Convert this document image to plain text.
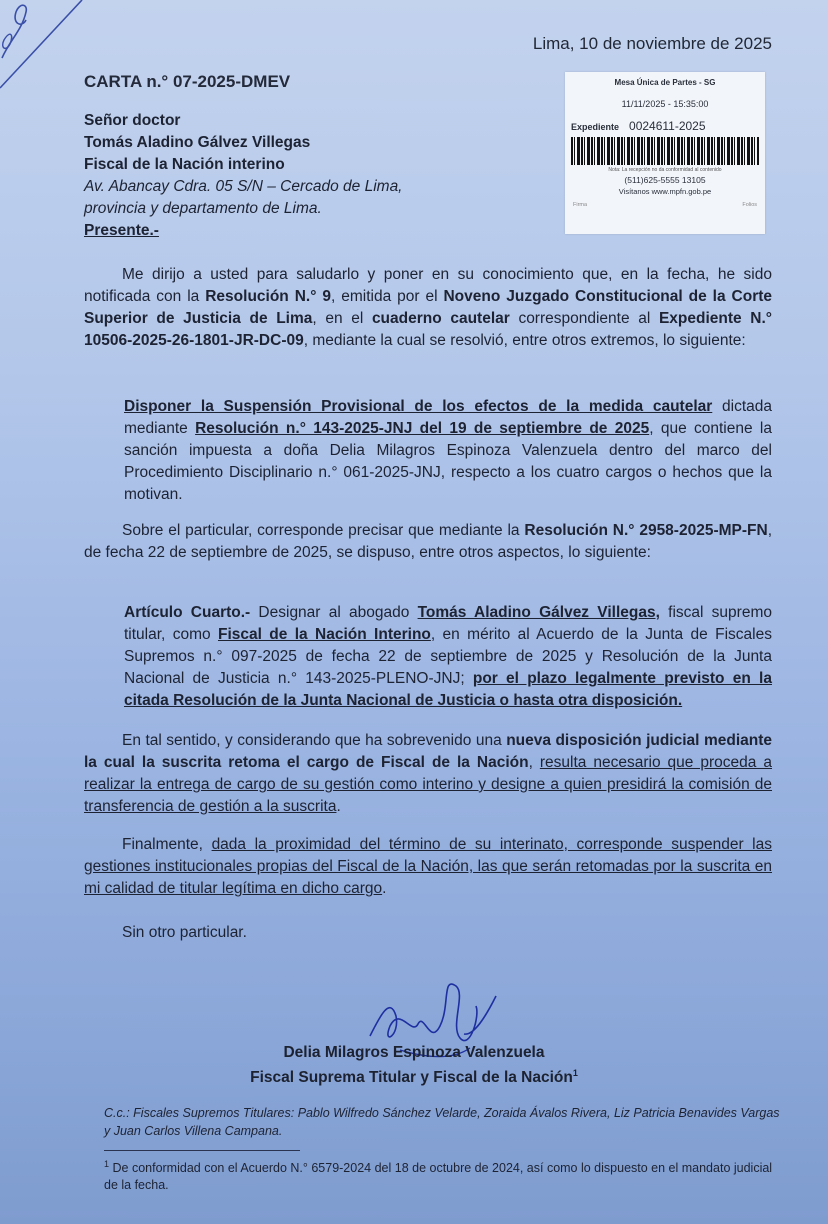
Lima, 10 de noviembre de 2025
CARTA n.° 07-2025-DMEV
Señor doctor
Tomás Aladino Gálvez Villegas
Fiscal de la Nación interino
Av. Abancay Cdra. 05 S/N – Cercado de Lima,
provincia y departamento de Lima.
Presente.-
Mesa Única de Partes - SG
11/11/2025 - 15:35:00
Expediente 0024611-2025
Nota: La recepción no da conformidad al contenido
(511)625-5555 13105
Visítanos www.mpfn.gob.pe
Firma	Folios
Me dirijo a usted para saludarlo y poner en su conocimiento que, en la fecha, he sido notificada con la Resolución N.° 9, emitida por el Noveno Juzgado Constitucional de la Corte Superior de Justicia de Lima, en el cuaderno cautelar correspondiente al Expediente N.° 10506-2025-26-1801-JR-DC-09, mediante la cual se resolvió, entre otros extremos, lo siguiente:
Disponer la Suspensión Provisional de los efectos de la medida cautelar dictada mediante Resolución n.° 143-2025-JNJ del 19 de septiembre de 2025, que contiene la sanción impuesta a doña Delia Milagros Espinoza Valenzuela dentro del marco del Procedimiento Disciplinario n.° 061-2025-JNJ, respecto a los cuatro cargos o hechos que la motivan.
Sobre el particular, corresponde precisar que mediante la Resolución N.° 2958-2025-MP-FN, de fecha 22 de septiembre de 2025, se dispuso, entre otros aspectos, lo siguiente:
Artículo Cuarto.- Designar al abogado Tomás Aladino Gálvez Villegas, fiscal supremo titular, como Fiscal de la Nación Interino, en mérito al Acuerdo de la Junta de Fiscales Supremos n.° 097-2025 de fecha 22 de septiembre de 2025 y Resolución de la Junta Nacional de Justicia n.° 143-2025-PLENO-JNJ; por el plazo legalmente previsto en la citada Resolución de la Junta Nacional de Justicia o hasta otra disposición.
En tal sentido, y considerando que ha sobrevenido una nueva disposición judicial mediante la cual la suscrita retoma el cargo de Fiscal de la Nación, resulta necesario que proceda a realizar la entrega de cargo de su gestión como interino y designe a quien presidirá la comisión de transferencia de gestión a la suscrita.
Finalmente, dada la proximidad del término de su interinato, corresponde suspender las gestiones institucionales propias del Fiscal de la Nación, las que serán retomadas por la suscrita en mi calidad de titular legítima en dicho cargo.
Sin otro particular.
Delia Milagros Espinoza Valenzuela
Fiscal Suprema Titular y Fiscal de la Nación$^1$
C.c.: Fiscales Supremos Titulares: Pablo Wilfredo Sánchez Velarde, Zoraida Ávalos Rivera, Liz Patricia Benavides Vargas y Juan Carlos Villena Campana.
$^1$ De conformidad con el Acuerdo N.° 6579-2024 del 18 de octubre de 2024, así como lo dispuesto en el mandato judicial de la fecha.
